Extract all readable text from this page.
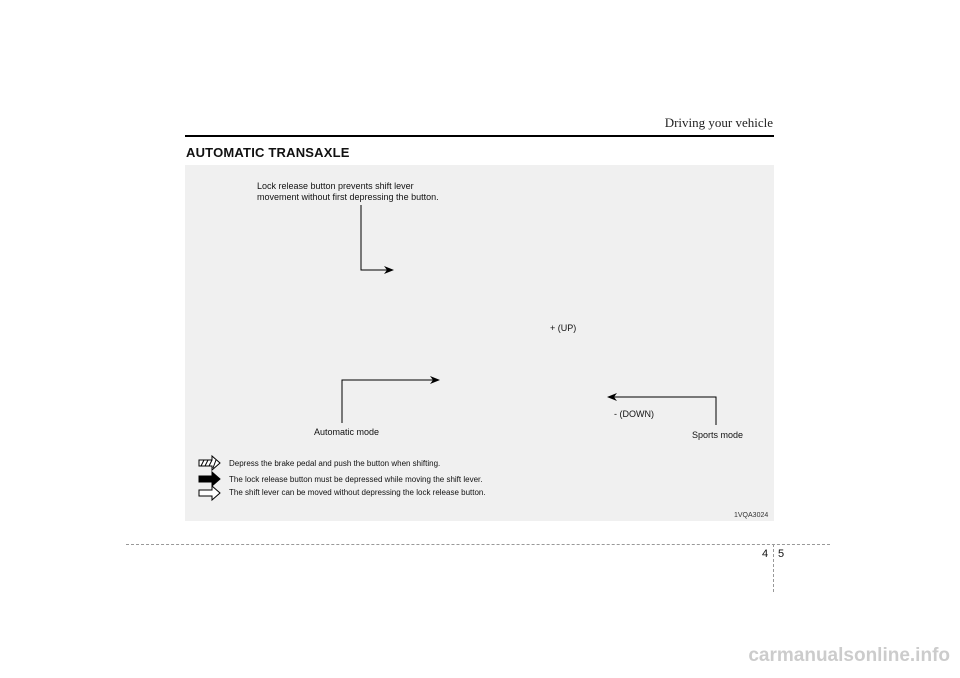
Driving your vehicle
AUTOMATIC TRANSAXLE
Lock release button prevents shift lever
movement without first depressing the button.
+ (UP)
- (DOWN)
Automatic mode	Sports mode
Depress the brake pedal and push the button when shifting.
The lock release button must be depressed while moving the shift lever.
The shift lever can be moved without depressing the lock release button.
1VQA3024
4 5
carmanualsonline.info
